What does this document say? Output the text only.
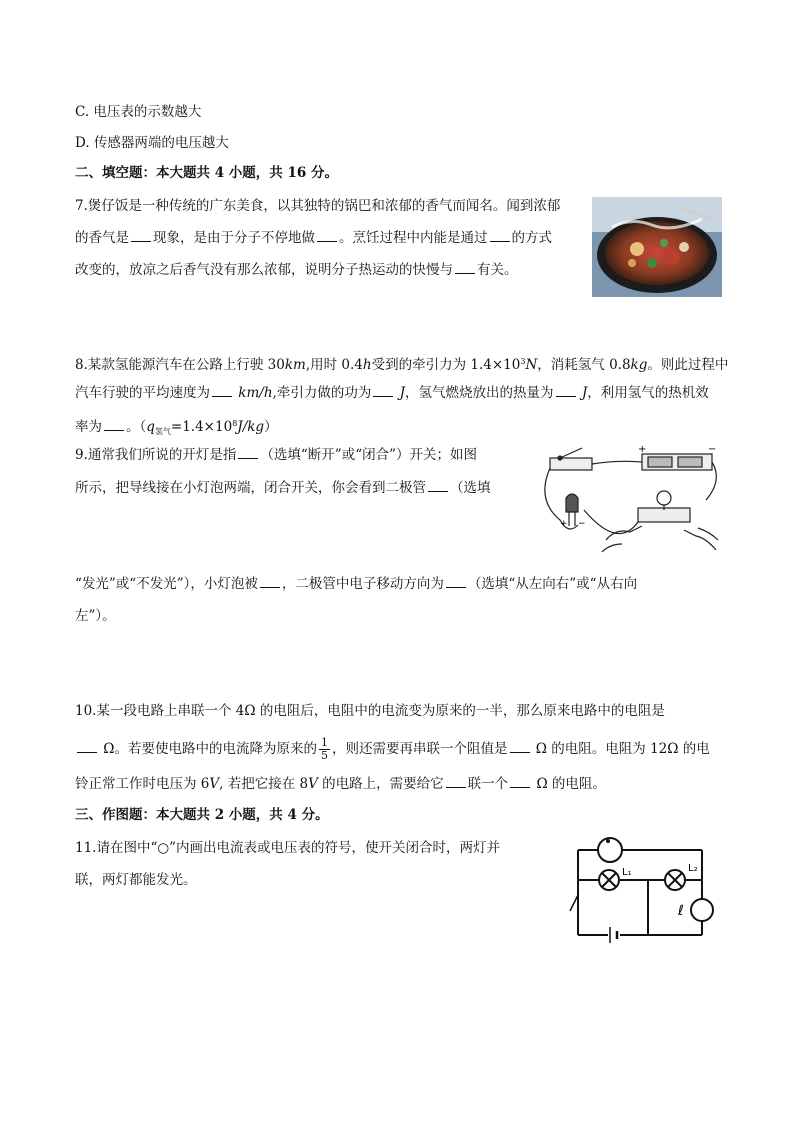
C. 电压表的示数越大
D. 传感器两端的电压越大
二、填空题：本大题共 4 小题，共 16 分。
7.煲仔饭是一种传统的广东美食，以其独特的锅巴和浓郁的香气而闻名。闻到浓郁
的香气是 现象，是由于分子不停地做 。烹饪过程中内能是通过 的方式
改变的，放凉之后香气没有那么浓郁，说明分子热运动的快慢与 有关。
8.某款氢能源汽车在公路上行驶 30km,用时 0.4h受到的牵引力为 $1.4\times 10^3N$，消耗氢气 0.8kg。则此过程中
汽车行驶的平均速度为 km/h,牵引力做的功为 J，氢气燃烧放出的热量为 J，利用氢气的热机效
率为 。$(q_{氢气}=1.4\times 10^8J/kg)$
9.通常我们所说的开灯是指 （选填“断开”或“闭合”）开关；如图
所示，把导线接在小灯泡两端，闭合开关，你会看到二极管 （选填
“发光”或“不发光”），小灯泡被 ，二极管中电子移动方向为 （选填“从左向右”或“从右向
左”）。
+	−
+ −
10.某一段电路上串联一个 4Ω 的电阻后，电阻中的电流变为原来的一半，那么原来电路中的电阻是
Ω。若要使电路中的电流降为原来的 $\frac{1}{5}$ ，则还需要再串联一个阻值是 Ω 的电阻。电阻为 12Ω 的电
铃正常工作时电压为 6V, 若把它接在 8V 的电路上，需要给它 联一个 Ω 的电阻。
三、作图题：本大题共 2 小题，共 4 分。
11.请在图中“○”内画出电流表或电压表的符号，使开关闭合时，两灯并
联，两灯都能发光。	L₁	L₂
ℓ
